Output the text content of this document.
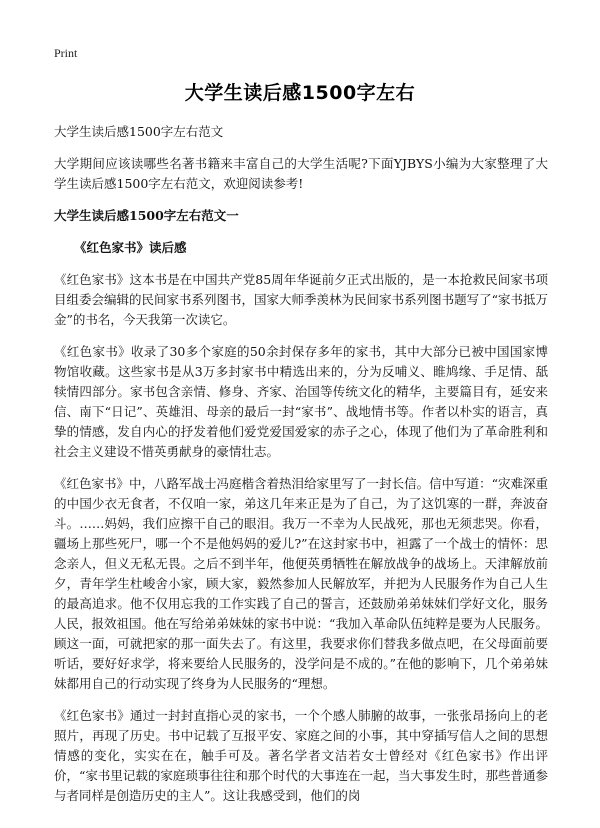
Print
大学生读后感1500字左右

大学生读后感1500字左右范文

大学期间应该读哪些名著书籍来丰富自己的大学生活呢?下面YJBYS小编为大家整理了大学生读后感1500字左右范文，欢迎阅读参考!

大学生读后感1500字左右范文一

《红色家书》读后感

《红色家书》这本书是在中国共产党85周年华诞前夕正式出版的，是一本抢救民间家书项目组委会编辑的民间家书系列图书，国家大师季羡林为民间家书系列图书题写了“家书抵万金”的书名，今天我第一次读它。

《红色家书》收录了30多个家庭的50余封保存多年的家书，其中大部分已被中国国家博物馆收藏。这些家书是从3万多封家书中精选出来的，分为反哺义、睢鸠缘、手足情、舐犊情四部分。家书包含亲情、修身、齐家、治国等传统文化的精华，主要篇目有，延安来信、南下“日记”、英雄泪、母亲的最后一封“家书”、战地情书等。作者以朴实的语言，真挚的情感，发自内心的抒发着他们爱党爱国爱家的赤子之心，体现了他们为了革命胜利和社会主义建设不惜英勇献身的豪情壮志。

《红色家书》中，八路军战士冯庭楷含着热泪给家里写了一封长信。信中写道：“灾难深重的中国少衣无食者，不仅咱一家，弟这几年来正是为了自己，为了这饥寒的一群，奔波奋斗。……妈妈，我们应擦干自己的眼泪。我万一不幸为人民战死，那也无须悲哭。你看，疆场上那些死尸，哪一个不是他妈妈的爱儿?”在这封家书中，袒露了一个战士的情怀：思念亲人，但义无私无畏。之后不到半年，他便英勇牺牲在解放战争的战场上。天津解放前夕，青年学生杜峻舍小家，顾大家，毅然参加人民解放军，并把为人民服务作为自己人生的最高追求。他不仅用忘我的工作实践了自己的誓言，还鼓励弟弟妹妹们学好文化，服务人民，报效祖国。他在写给弟弟妹妹的家书中说：“我加入革命队伍纯粹是要为人民服务。顾这一面，可就把家的那一面失去了。有这里，我要求你们替我多做点吧，在父母面前要听话，要好好求学，将来要给人民服务的，没学问是不成的。”在他的影响下，几个弟弟妹妹都用自己的行动实现了终身为人民服务的“理想。

《红色家书》通过一封封直指心灵的家书，一个个感人肺腑的故事，一张张昂扬向上的老照片，再现了历史。书中记载了互报平安、家庭之间的小事，其中穿插写信人之间的思想情感的变化，实实在在，触手可及。著名学者文洁若女士曾经对《红色家书》作出评价，“家书里记载的家庭琐事往往和那个时代的大事连在一起，当大事发生时，那些普通参与者同样是创造历史的主人”。这让我感受到，他们的岗
